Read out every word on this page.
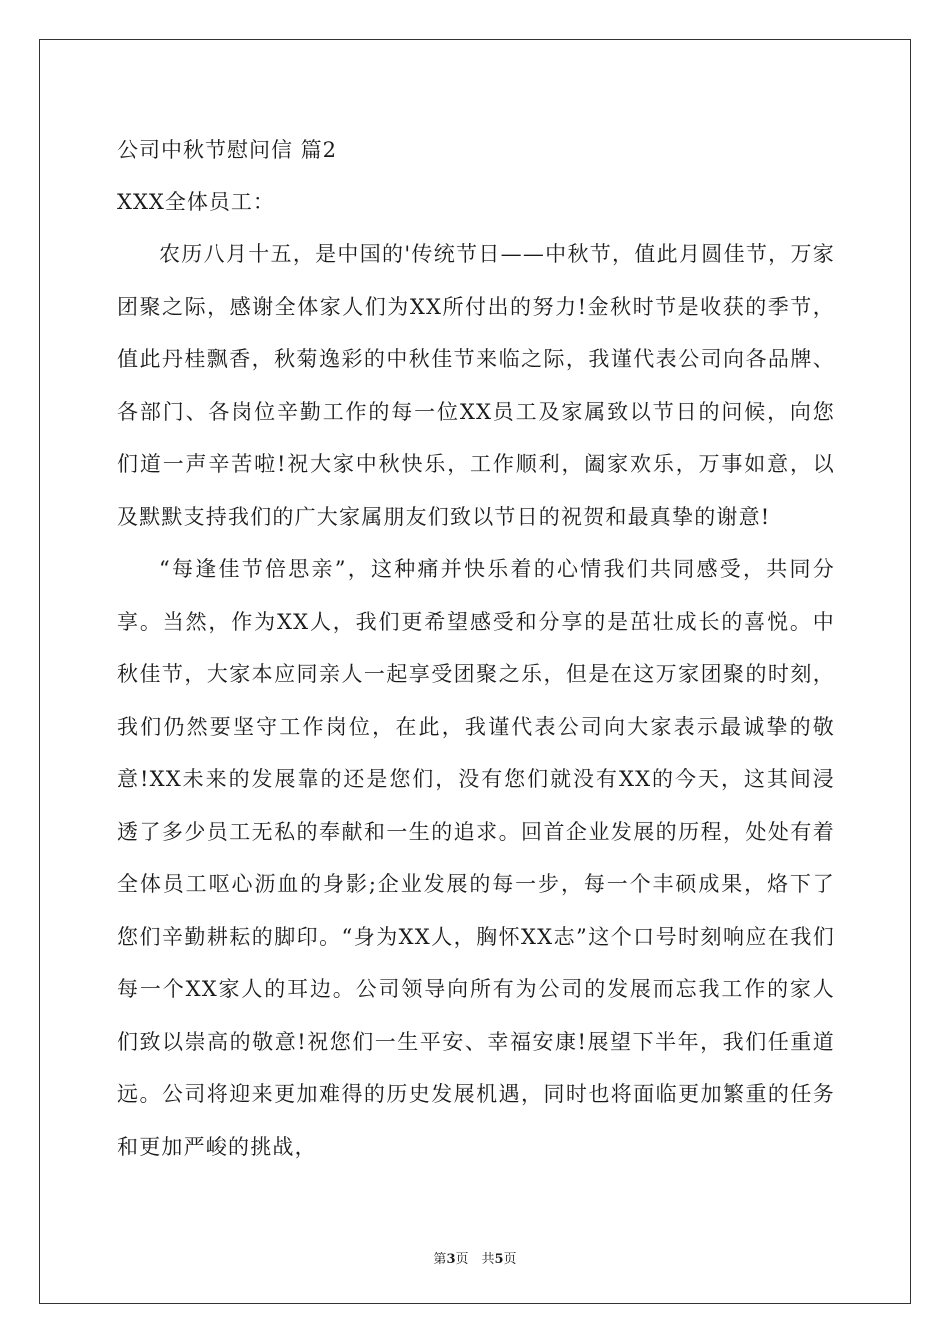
公司中秋节慰问信 篇2

XXX全体员工：

农历八月十五，是中国的'传统节日——中秋节，值此月圆佳节，万家团聚之际，感谢全体家人们为XX所付出的努力!金秋时节是收获的季节，值此丹桂飘香，秋菊逸彩的中秋佳节来临之际，我谨代表公司向各品牌、各部门、各岗位辛勤工作的每一位XX员工及家属致以节日的问候，向您们道一声辛苦啦!祝大家中秋快乐，工作顺利，阖家欢乐，万事如意，以及默默支持我们的广大家属朋友们致以节日的祝贺和最真挚的谢意!

“每逢佳节倍思亲”，这种痛并快乐着的心情我们共同感受，共同分享。当然，作为XX人，我们更希望感受和分享的是茁壮成长的喜悦。中秋佳节，大家本应同亲人一起享受团聚之乐，但是在这万家团聚的时刻，我们仍然要坚守工作岗位，在此，我谨代表公司向大家表示最诚挚的敬意!XX未来的发展靠的还是您们，没有您们就没有XX的今天，这其间浸透了多少员工无私的奉献和一生的追求。回首企业发展的历程，处处有着全体员工呕心沥血的身影;企业发展的每一步，每一个丰硕成果，烙下了您们辛勤耕耘的脚印。“身为XX人，胸怀XX志”这个口号时刻响应在我们每一个XX家人的耳边。公司领导向所有为公司的发展而忘我工作的家人们致以崇高的敬意!祝您们一生平安、幸福安康!展望下半年，我们任重道远。公司将迎来更加难得的历史发展机遇，同时也将面临更加繁重的任务和更加严峻的挑战，

第3页　共5页
